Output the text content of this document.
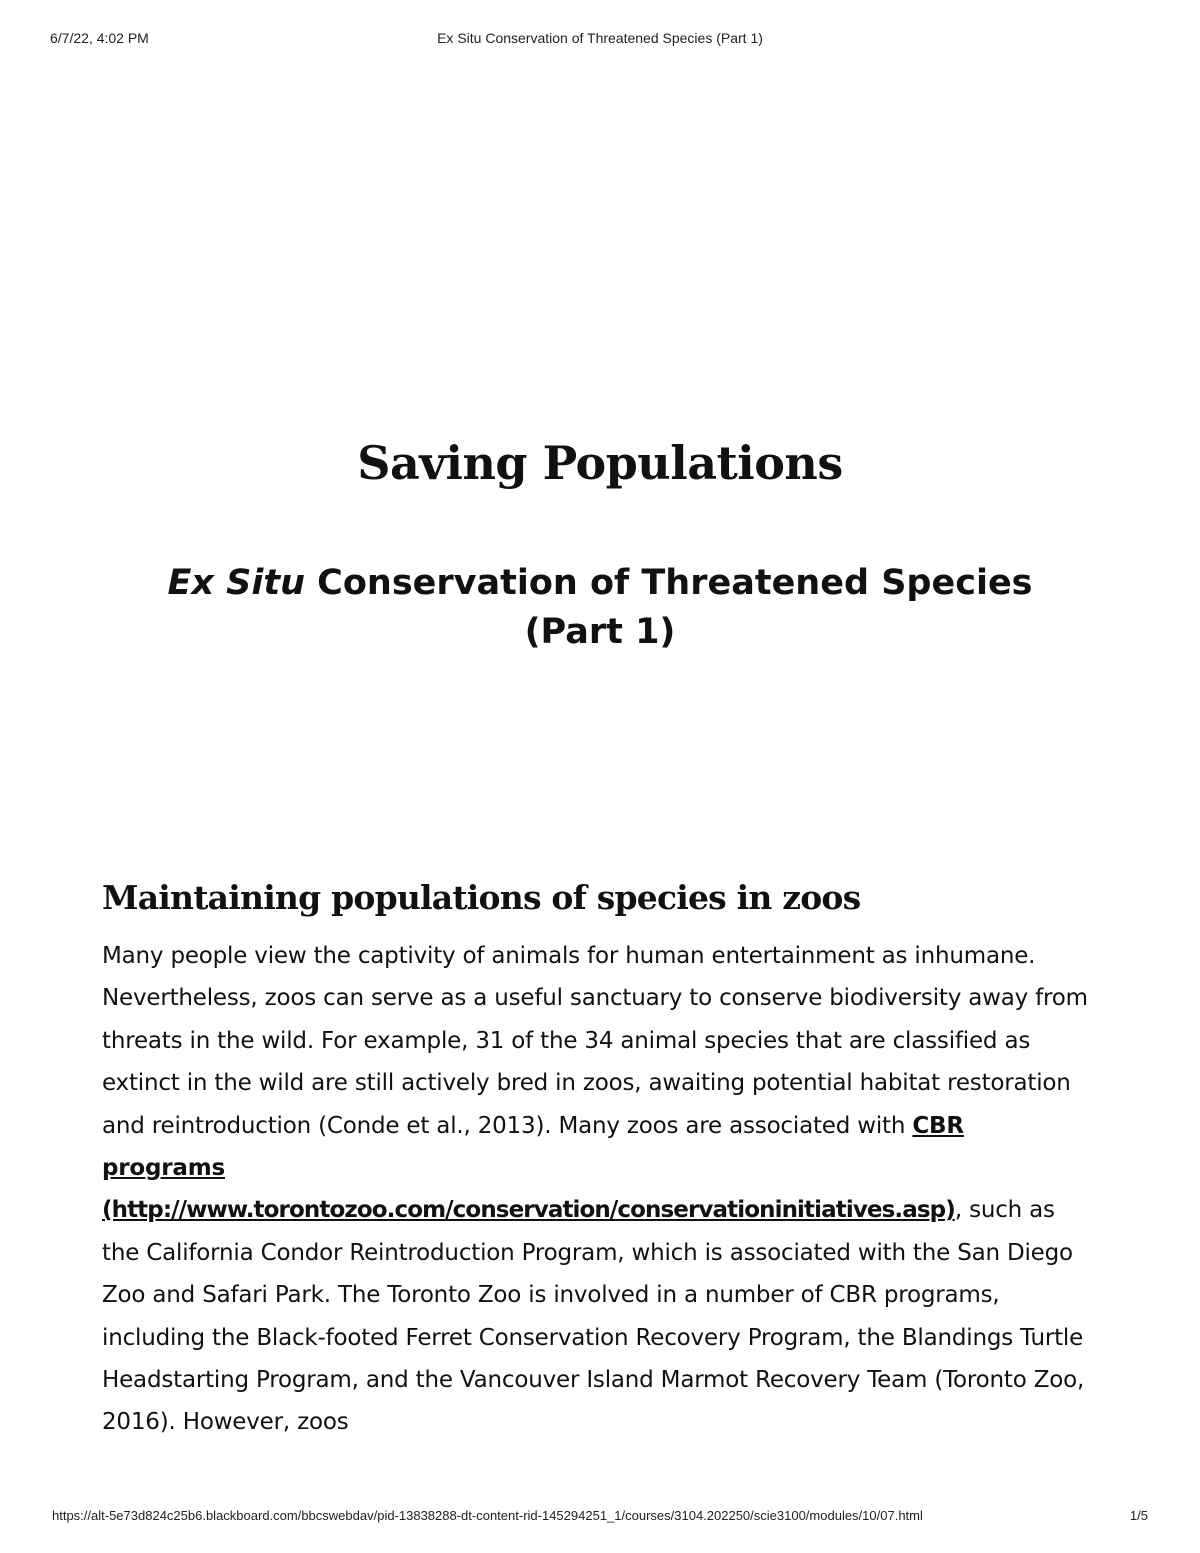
6/7/22, 4:02 PM	Ex Situ Conservation of Threatened Species (Part 1)
Saving Populations
Ex Situ Conservation of Threatened Species (Part 1)
Maintaining populations of species in zoos

Many people view the captivity of animals for human entertainment as inhumane. Nevertheless, zoos can serve as a useful sanctuary to conserve biodiversity away from threats in the wild. For example, 31 of the 34 animal species that are classified as extinct in the wild are still actively bred in zoos, awaiting potential habitat restoration and reintroduction (Conde et al., 2013). Many zoos are associated with CBR programs (http://www.torontozoo.com/conservation/conservationinitiatives.asp), such as the California Condor Reintroduction Program, which is associated with the San Diego Zoo and Safari Park. The Toronto Zoo is involved in a number of CBR programs, including the Black-footed Ferret Conservation Recovery Program, the Blandings Turtle Headstarting Program, and the Vancouver Island Marmot Recovery Team (Toronto Zoo, 2016). However, zoos

https://alt-5e73d824c25b6.blackboard.com/bbcswebdav/pid-13838288-dt-content-rid-145294251_1/courses/3104.202250/scie3100/modules/10/07.html	1/5
